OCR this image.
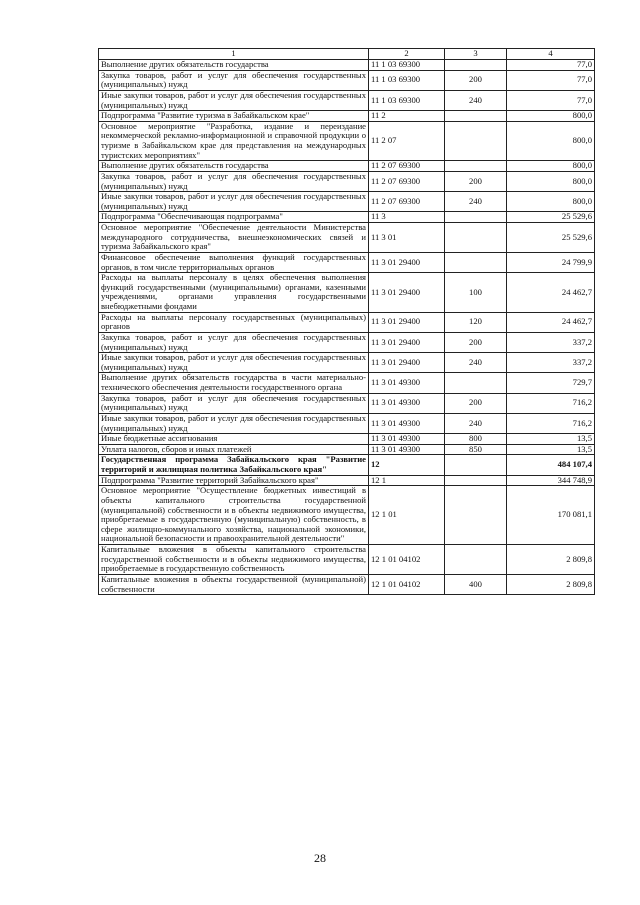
1	2	3	4
Выполнение других обязательств государства	11 1 03 69300		77,0
Закупка товаров, работ и услуг для обеспечения государственных (муниципальных) нужд	11 1 03 69300	200	77,0
Иные закупки товаров, работ и услуг для обеспечения государственных (муниципальных) нужд	11 1 03 69300	240	77,0
Подпрограмма "Развитие туризма в Забайкальском крае"	11 2		800,0
Основное мероприятие "Разработка, издание и переиздание некоммерческой рекламно-информационной и справочной продукции о туризме в Забайкальском крае для представления на международных туристских мероприятиях"	11 2 07		800,0
Выполнение других обязательств государства	11 2 07 69300		800,0
Закупка товаров, работ и услуг для обеспечения государственных (муниципальных) нужд	11 2 07 69300	200	800,0
Иные закупки товаров, работ и услуг для обеспечения государственных (муниципальных) нужд	11 2 07 69300	240	800,0
Подпрограмма "Обеспечивающая подпрограмма"	11 3		25 529,6
Основное мероприятие "Обеспечение деятельности Министерства международного сотрудничества, внешнеэкономических связей и туризма Забайкальского края"	11 3 01		25 529,6
Финансовое обеспечение выполнения функций государственных органов, в том числе территориальных органов	11 3 01 29400		24 799,9
Расходы на выплаты персоналу в целях обеспечения выполнения функций государственными (муниципальными) органами, казенными учреждениями, органами управления государственными внебюджетными фондами	11 3 01 29400	100	24 462,7
Расходы на выплаты персоналу государственных (муниципальных) органов	11 3 01 29400	120	24 462,7
Закупка товаров, работ и услуг для обеспечения государственных (муниципальных) нужд	11 3 01 29400	200	337,2
Иные закупки товаров, работ и услуг для обеспечения государственных (муниципальных) нужд	11 3 01 29400	240	337,2
Выполнение других обязательств государства в части материально-технического обеспечения деятельности государственного органа	11 3 01 49300		729,7
Закупка товаров, работ и услуг для обеспечения государственных (муниципальных) нужд	11 3 01 49300	200	716,2
Иные закупки товаров, работ и услуг для обеспечения государственных (муниципальных) нужд	11 3 01 49300	240	716,2
Иные бюджетные ассигнования	11 3 01 49300	800	13,5
Уплата налогов, сборов и иных платежей	11 3 01 49300	850	13,5
Государственная программа Забайкальского края "Развитие территорий и жилищная политика Забайкальского края"	12		484 107,4
Подпрограмма "Развитие территорий Забайкальского края"	12 1		344 748,9
Основное мероприятие "Осуществление бюджетных инвестиций в объекты капитального строительства государственной (муниципальной) собственности и в объекты недвижимого имущества, приобретаемые в государственную (муниципальную) собственность, в сфере жилищно-коммунального хозяйства, национальной экономики, национальной безопасности и правоохранительной деятельности"	12 1 01		170 081,1
Капитальные вложения в объекты капитального строительства государственной собственности и в объекты недвижимого имущества, приобретаемые в государственную собственность	12 1 01 04102		2 809,8
Капитальные вложения в объекты государственной (муниципальной) собственности	12 1 01 04102	400	2 809,8
28
